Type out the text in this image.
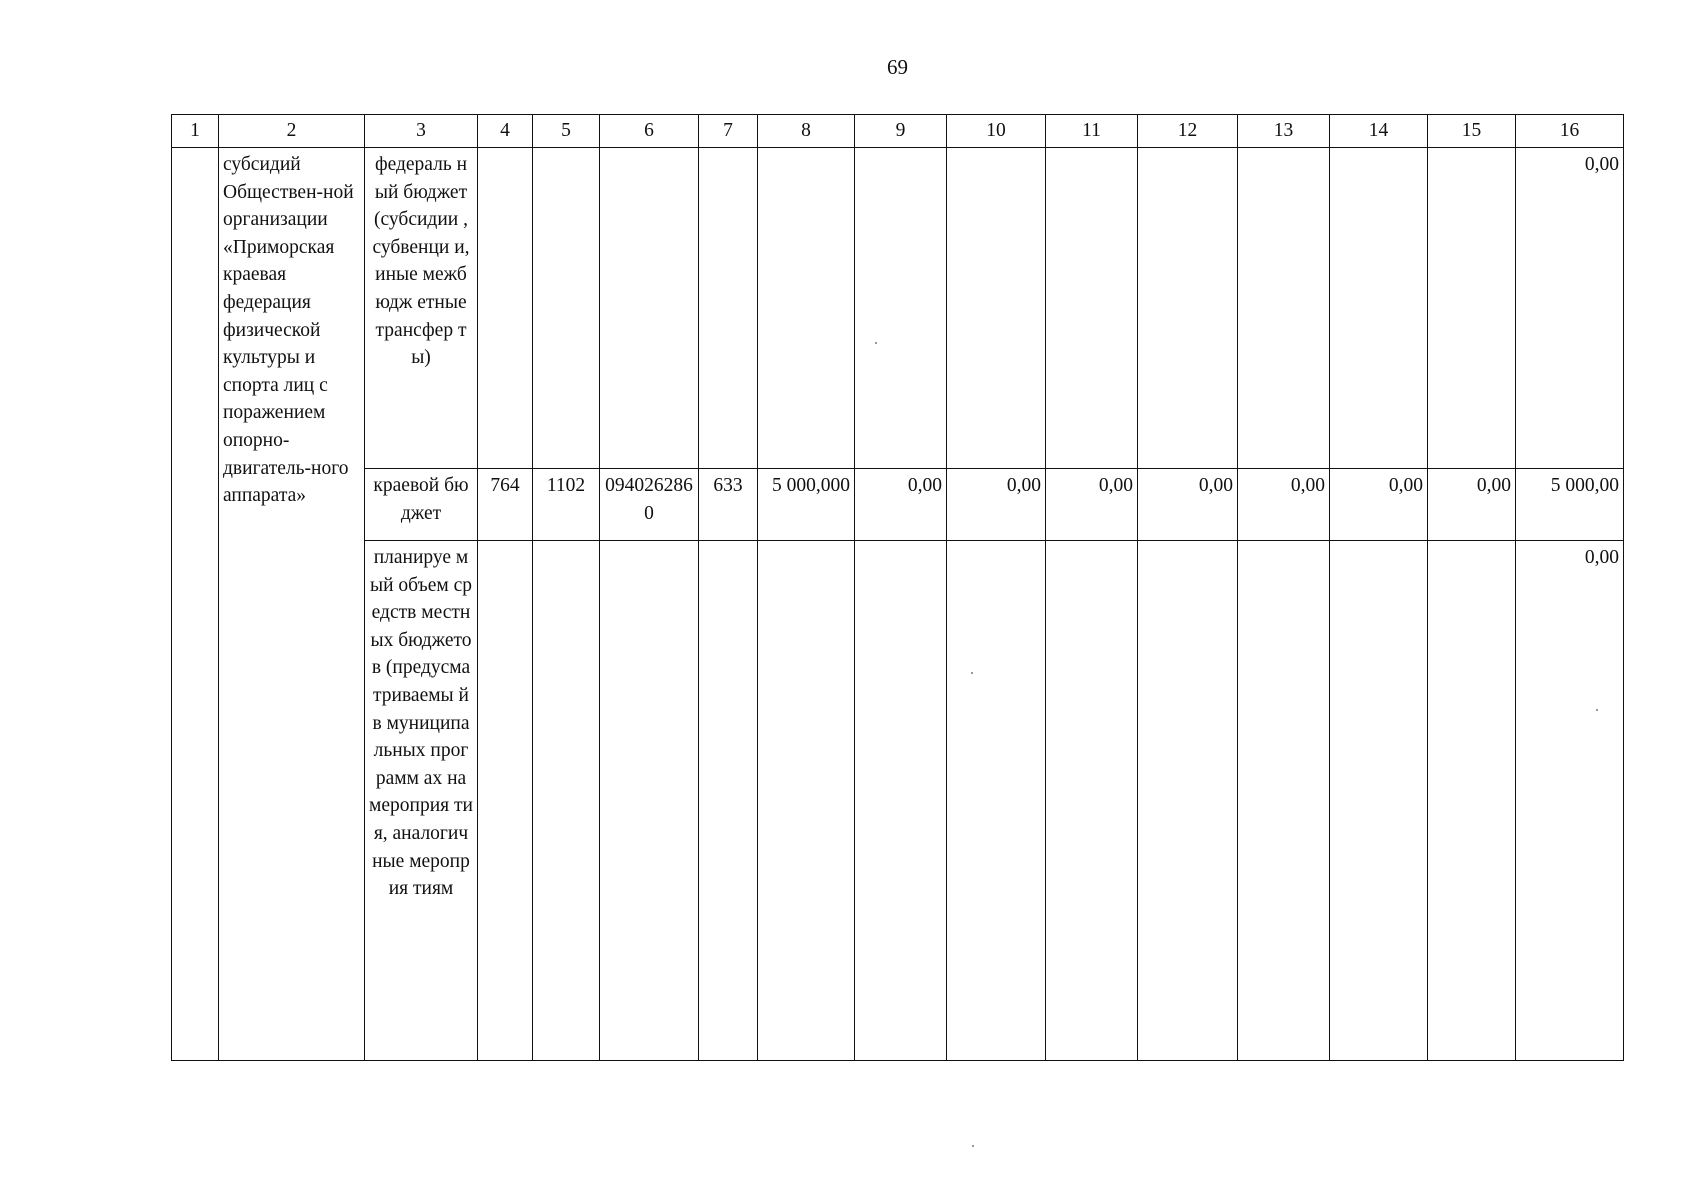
69
1	2	3	4	5	6	7	8	9	10	11	12	13	14	15	16
	субсидий Обществен-ной организации «Приморская краевая федерация физической культуры и спорта лиц с поражением опорно-двигатель-ного аппарата»	федераль ный бюджет (субсидии , субвенци и, иные межбюдж етные трансфер ты)													0,00
		краевой бюджет	764	1102	0940262860	633	5 000,000	0,00	0,00	0,00	0,00	0,00	0,00	0,00	5 000,00
		планируе мый объем средств местных бюджетов (предусма триваемы й в муниципа льных программ ах на мероприя тия, аналогич ные мероприя тиям													0,00
